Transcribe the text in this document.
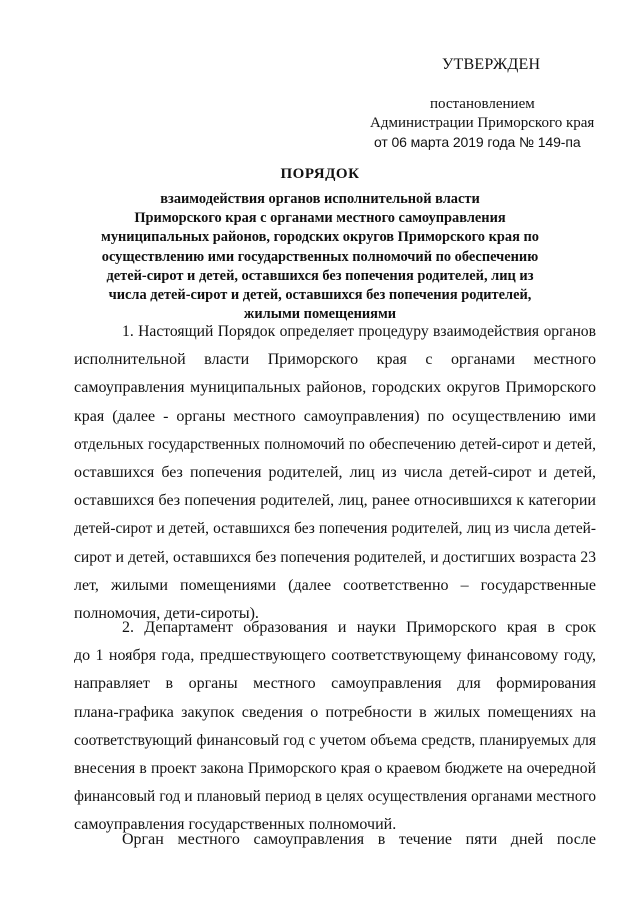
УТВЕРЖДЕН
постановлением
Администрации Приморского края
от 06 марта 2019 года № 149-па
ПОРЯДОК
взаимодействия органов исполнительной власти
Приморского края с органами местного самоуправления
муниципальных районов, городских округов Приморского края по
осуществлению ими государственных полномочий по обеспечению
детей-сирот и детей, оставшихся без попечения родителей, лиц из
числа детей-сирот и детей, оставшихся без попечения родителей,
жилыми помещениями
1. Настоящий Порядок определяет процедуру взаимодействия органов
исполнительной власти Приморского края с органами местного
самоуправления муниципальных районов, городских округов Приморского
края (далее - органы местного самоуправления) по осуществлению ими
отдельных государственных полномочий по обеспечению детей-сирот и детей,
оставшихся без попечения родителей, лиц из числа детей-сирот и детей,
оставшихся без попечения родителей, лиц, ранее относившихся к категории
детей-сирот и детей, оставшихся без попечения родителей, лиц из числа детей-
сирот и детей, оставшихся без попечения родителей, и достигших возраста 23
лет, жилыми помещениями (далее соответственно – государственные
полномочия, дети-сироты).
2. Департамент образования и науки Приморского края в срок
до 1 ноября года, предшествующего соответствующему финансовому году,
направляет в органы местного самоуправления для формирования
плана-графика закупок сведения о потребности в жилых помещениях на
соответствующий финансовый год с учетом объема средств, планируемых для
внесения в проект закона Приморского края о краевом бюджете на очередной
финансовый год и плановый период в целях осуществления органами местного
самоуправления государственных полномочий.
Орган местного самоуправления в течение пяти дней после
